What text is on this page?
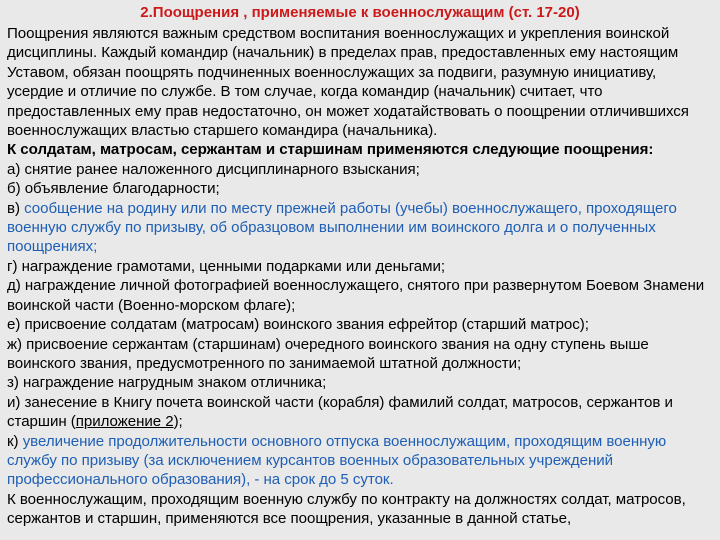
2.Поощрения , применяемые к военнослужащим (ст. 17-20)

Поощрения являются важным средством воспитания военнослужащих и укрепления воинской дисциплины. Каждый командир (начальник) в пределах прав, предоставленных ему настоящим Уставом, обязан поощрять подчиненных военнослужащих за подвиги, разумную инициативу, усердие и отличие по службе. В том случае, когда командир (начальник) считает, что предоставленных ему прав недостаточно, он может ходатайствовать о поощрении отличившихся военнослужащих властью старшего командира (начальника).

К солдатам, матросам, сержантам и старшинам применяются следующие поощрения:

а) снятие ранее наложенного дисциплинарного взыскания;

б) объявление благодарности;

в) сообщение на родину или по месту прежней работы (учебы) военнослужащего, проходящего военную службу по призыву, об образцовом выполнении им воинского долга и о полученных поощрениях;

г) награждение грамотами, ценными подарками или деньгами;

д) награждение личной фотографией военнослужащего, снятого при развернутом Боевом Знамени воинской части (Военно-морском флаге);

е) присвоение солдатам (матросам) воинского звания ефрейтор (старший матрос);

ж) присвоение сержантам (старшинам) очередного воинского звания на одну ступень выше воинского звания, предусмотренного по занимаемой штатной должности;

з) награждение нагрудным знаком отличника;

и) занесение в Книгу почета воинской части (корабля) фамилий солдат, матросов, сержантов и старшин (приложение 2);

к) увеличение продолжительности основного отпуска военнослужащим, проходящим военную службу по призыву (за исключением курсантов военных образовательных учреждений профессионального образования), - на срок до 5 суток.

К военнослужащим, проходящим военную службу по контракту на должностях солдат, матросов, сержантов и старшин, применяются все поощрения, указанные в данной статье,
